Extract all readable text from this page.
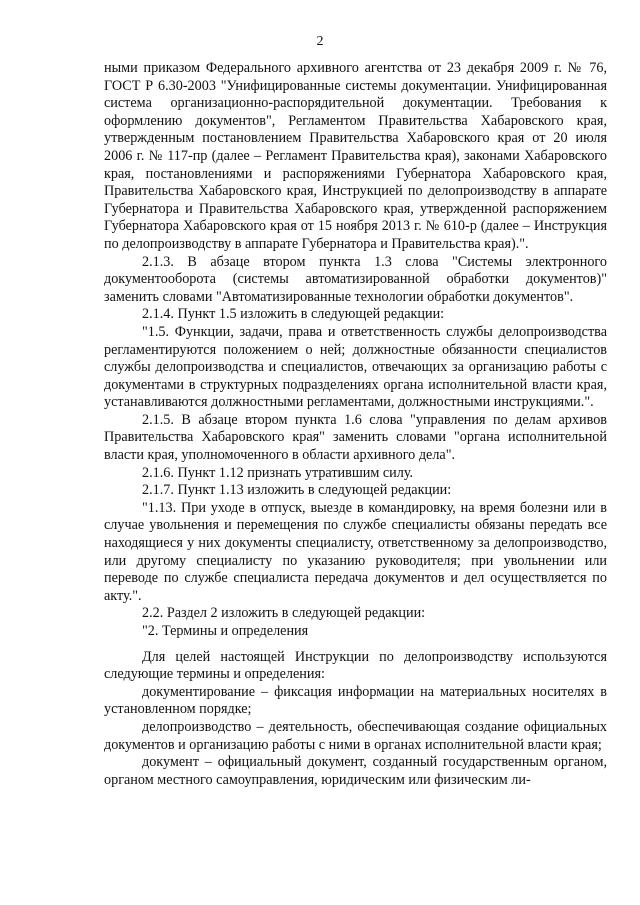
2

ными приказом Федерального архивного агентства от 23 декабря 2009 г. № 76, ГОСТ Р 6.30-2003 "Унифицированные системы документации. Унифицированная система организационно-распорядительной документации. Требования к оформлению документов", Регламентом Правительства Хабаровского края, утвержденным постановлением Правительства Хабаровского края от 20 июля 2006 г. № 117-пр (далее – Регламент Правительства края), законами Хабаровского края, постановлениями и распоряжениями Губернатора Хабаровского края, Правительства Хабаровского края, Инструкцией по делопроизводству в аппарате Губернатора и Правительства Хабаровского края, утвержденной распоряжением Губернатора Хабаровского края от 15 ноября 2013 г. № 610-р (далее – Инструкция по делопроизводству в аппарате Губернатора и Правительства края).".

2.1.3. В абзаце втором пункта 1.3 слова "Системы электронного документооборота (системы автоматизированной обработки документов)" заменить словами "Автоматизированные технологии обработки документов".

2.1.4. Пункт 1.5 изложить в следующей редакции:

"1.5. Функции, задачи, права и ответственность службы делопроизводства регламентируются положением о ней; должностные обязанности специалистов службы делопроизводства и специалистов, отвечающих за организацию работы с документами в структурных подразделениях органа исполнительной власти края, устанавливаются должностными регламентами, должностными инструкциями.".

2.1.5. В абзаце втором пункта 1.6 слова "управления по делам архивов Правительства Хабаровского края" заменить словами "органа исполнительной власти края, уполномоченного в области архивного дела".

2.1.6. Пункт 1.12 признать утратившим силу.

2.1.7. Пункт 1.13 изложить в следующей редакции:

"1.13. При уходе в отпуск, выезде в командировку, на время болезни или в случае увольнения и перемещения по службе специалисты обязаны передать все находящиеся у них документы специалисту, ответственному за делопроизводство, или другому специалисту по указанию руководителя; при увольнении или переводе по службе специалиста передача документов и дел осуществляется по акту.".

2.2. Раздел 2 изложить в следующей редакции:

"2. Термины и определения

Для целей настоящей Инструкции по делопроизводству используются следующие термины и определения:

документирование – фиксация информации на материальных носителях в установленном порядке;

делопроизводство – деятельность, обеспечивающая создание официальных документов и организацию работы с ними в органах исполнительной власти края;

документ – официальный документ, созданный государственным органом, органом местного самоуправления, юридическим или физическим ли-
